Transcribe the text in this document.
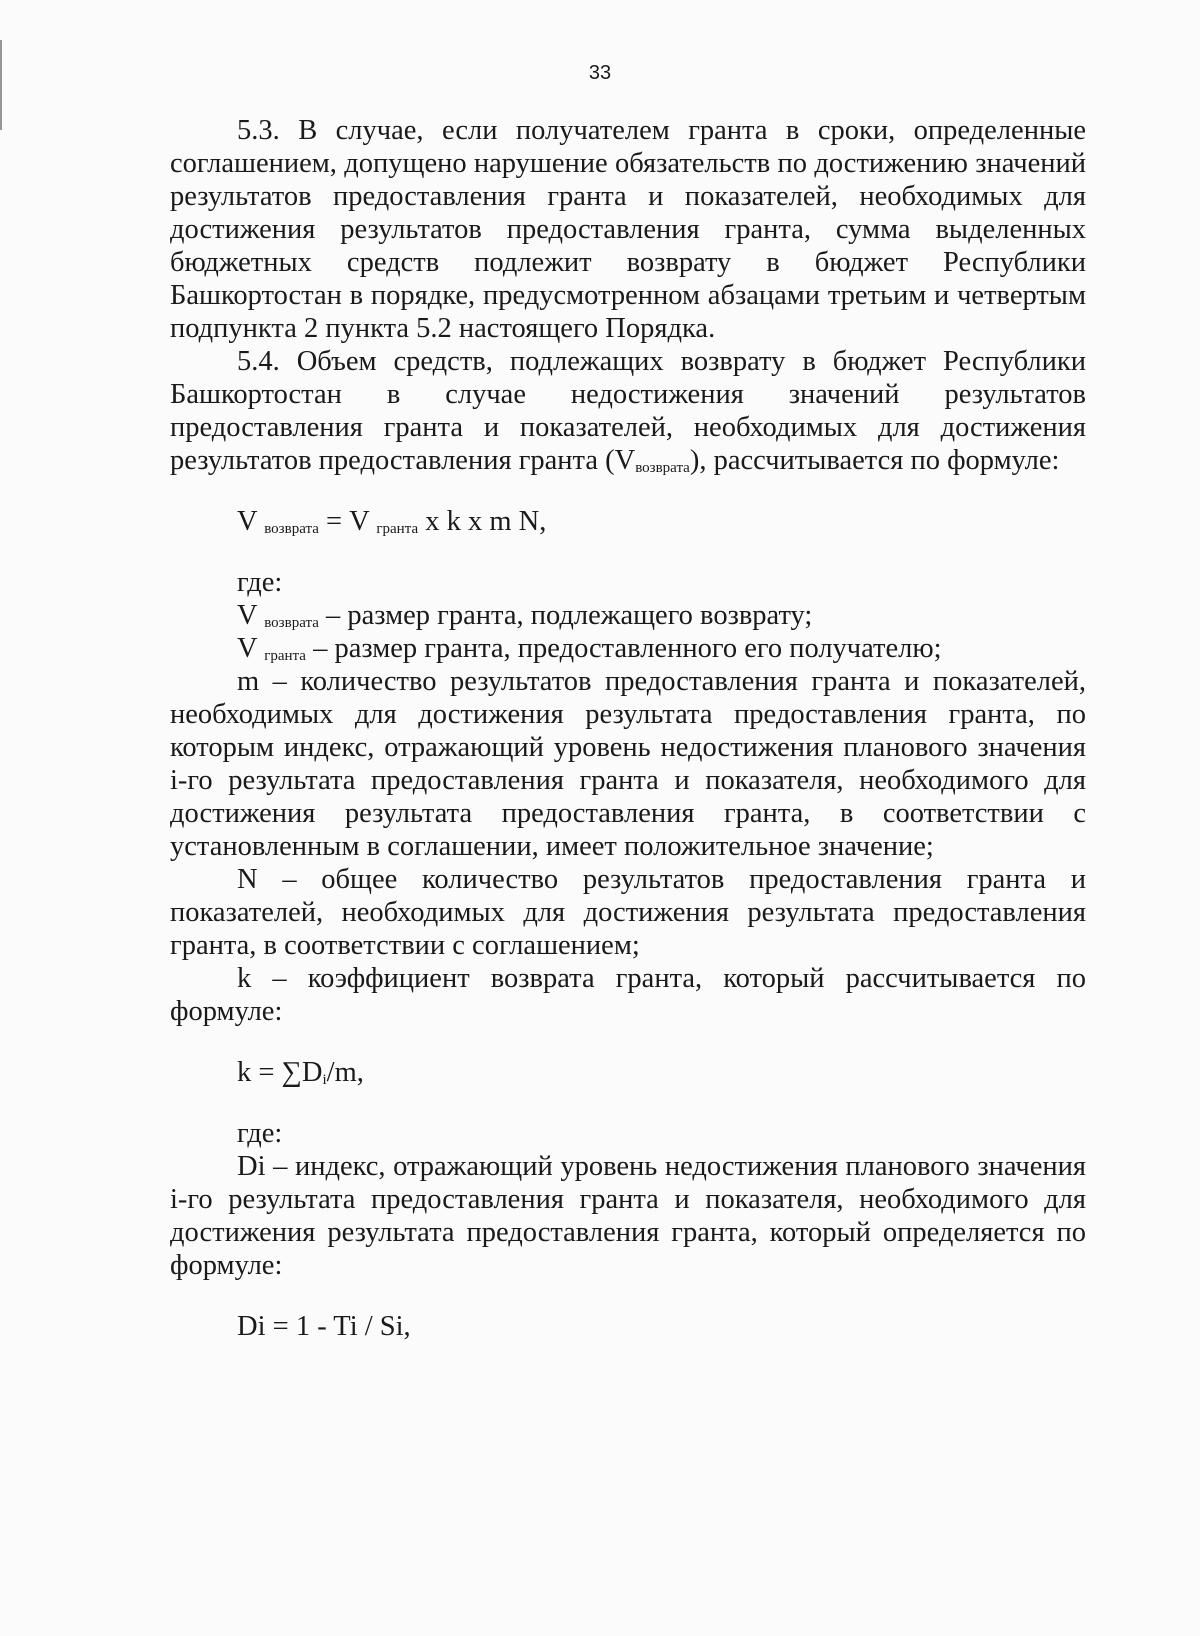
33

5.3. В случае, если получателем гранта в сроки, определенные соглашением, допущено нарушение обязательств по достижению значений результатов предоставления гранта и показателей, необходимых для достижения результатов предоставления гранта, сумма выделенных бюджетных средств подлежит возврату в бюджет Республики Башкортостан в порядке, предусмотренном абзацами третьим и четвертым подпункта 2 пункта 5.2 настоящего Порядка.

5.4. Объем средств, подлежащих возврату в бюджет Республики Башкортостан в случае недостижения значений результатов предоставления гранта и показателей, необходимых для достижения результатов предоставления гранта $(V_{возврата})$, рассчитывается по формуле:

V $_{возврата}$ = V $_{гранта}$ x k x m N,

где:

V $_{возврата}$ – размер гранта, подлежащего возврату;

V $_{гранта}$ – размер гранта, предоставленного его получателю;

m – количество результатов предоставления гранта и показателей, необходимых для достижения результата предоставления гранта, по которым индекс, отражающий уровень недостижения планового значения i-го результата предоставления гранта и показателя, необходимого для достижения результата предоставления гранта, в соответствии с установленным в соглашении, имеет положительное значение;

N – общее количество результатов предоставления гранта и показателей, необходимых для достижения результата предоставления гранта, в соответствии с соглашением;

k – коэффициент возврата гранта, который рассчитывается по формуле:

$k = \sum D_i/m$,

где:

Di – индекс, отражающий уровень недостижения планового значения i-го результата предоставления гранта и показателя, необходимого для достижения результата предоставления гранта, который определяется по формуле:

Di = 1 - Ti / Si,
